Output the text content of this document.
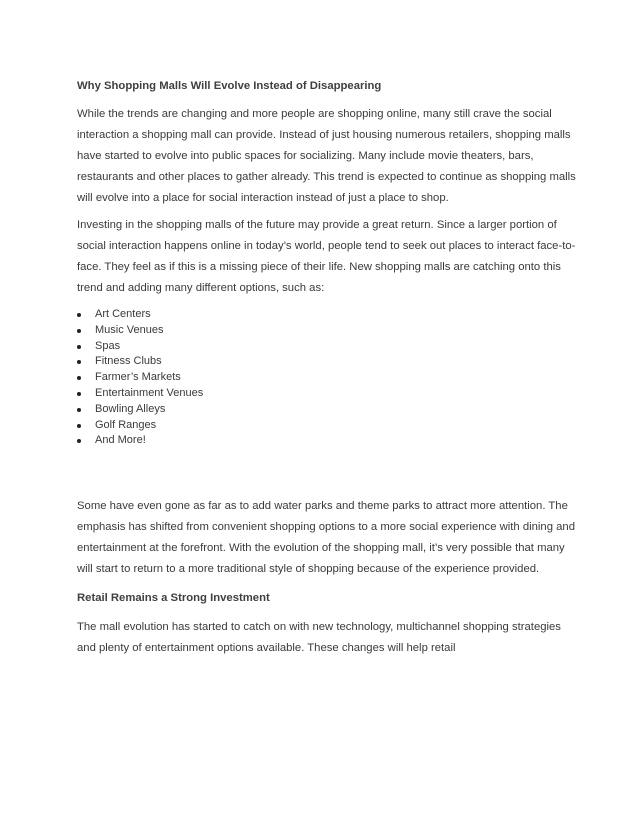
Why Shopping Malls Will Evolve Instead of Disappearing

While the trends are changing and more people are shopping online, many still crave the social interaction a shopping mall can provide. Instead of just housing numerous retailers, shopping malls have started to evolve into public spaces for socializing. Many include movie theaters, bars, restaurants and other places to gather already. This trend is expected to continue as shopping malls will evolve into a place for social interaction instead of just a place to shop.

Investing in the shopping malls of the future may provide a great return. Since a larger portion of social interaction happens online in today’s world, people tend to seek out places to interact face-to-face. They feel as if this is a missing piece of their life. New shopping malls are catching onto this trend and adding many different options, such as:

Art Centers
Music Venues
Spas
Fitness Clubs
Farmer’s Markets
Entertainment Venues
Bowling Alleys
Golf Ranges
And More!

Some have even gone as far as to add water parks and theme parks to attract more attention. The emphasis has shifted from convenient shopping options to a more social experience with dining and entertainment at the forefront. With the evolution of the shopping mall, it’s very possible that many will start to return to a more traditional style of shopping because of the experience provided.

Retail Remains a Strong Investment

The mall evolution has started to catch on with new technology, multichannel shopping strategies and plenty of entertainment options available. These changes will help retail
